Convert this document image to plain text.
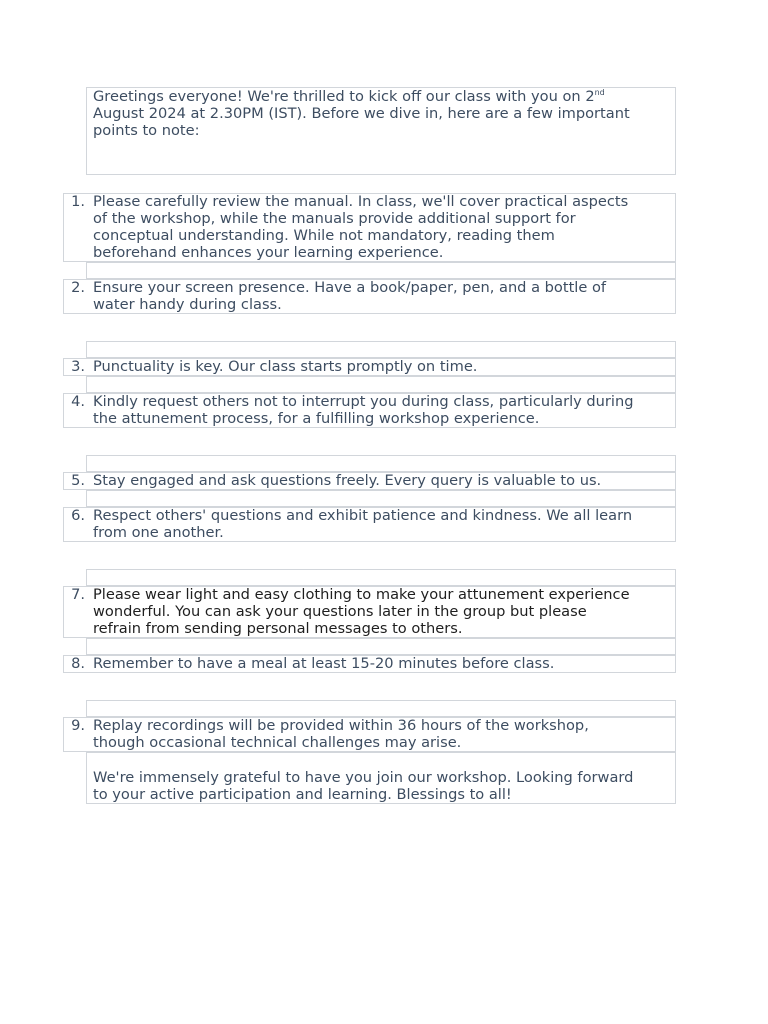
Greetings everyone! We're thrilled to kick off our class with you on 2nd
August 2024 at 2.30PM (IST). Before we dive in, here are a few important
points to note:
1. Please carefully review the manual. In class, we'll cover practical aspects
of the workshop, while the manuals provide additional support for
conceptual understanding. While not mandatory, reading them
beforehand enhances your learning experience.
2. Ensure your screen presence. Have a book/paper, pen, and a bottle of
water handy during class.
3. Punctuality is key. Our class starts promptly on time.
4. Kindly request others not to interrupt you during class, particularly during
the attunement process, for a fulfilling workshop experience.
5. Stay engaged and ask questions freely. Every query is valuable to us.
6. Respect others' questions and exhibit patience and kindness. We all learn
from one another.
7. Please wear light and easy clothing to make your attunement experience
wonderful. You can ask your questions later in the group but please
refrain from sending personal messages to others.
8. Remember to have a meal at least 15-20 minutes before class.
9. Replay recordings will be provided within 36 hours of the workshop,
though occasional technical challenges may arise.
We're immensely grateful to have you join our workshop. Looking forward
to your active participation and learning. Blessings to all!
